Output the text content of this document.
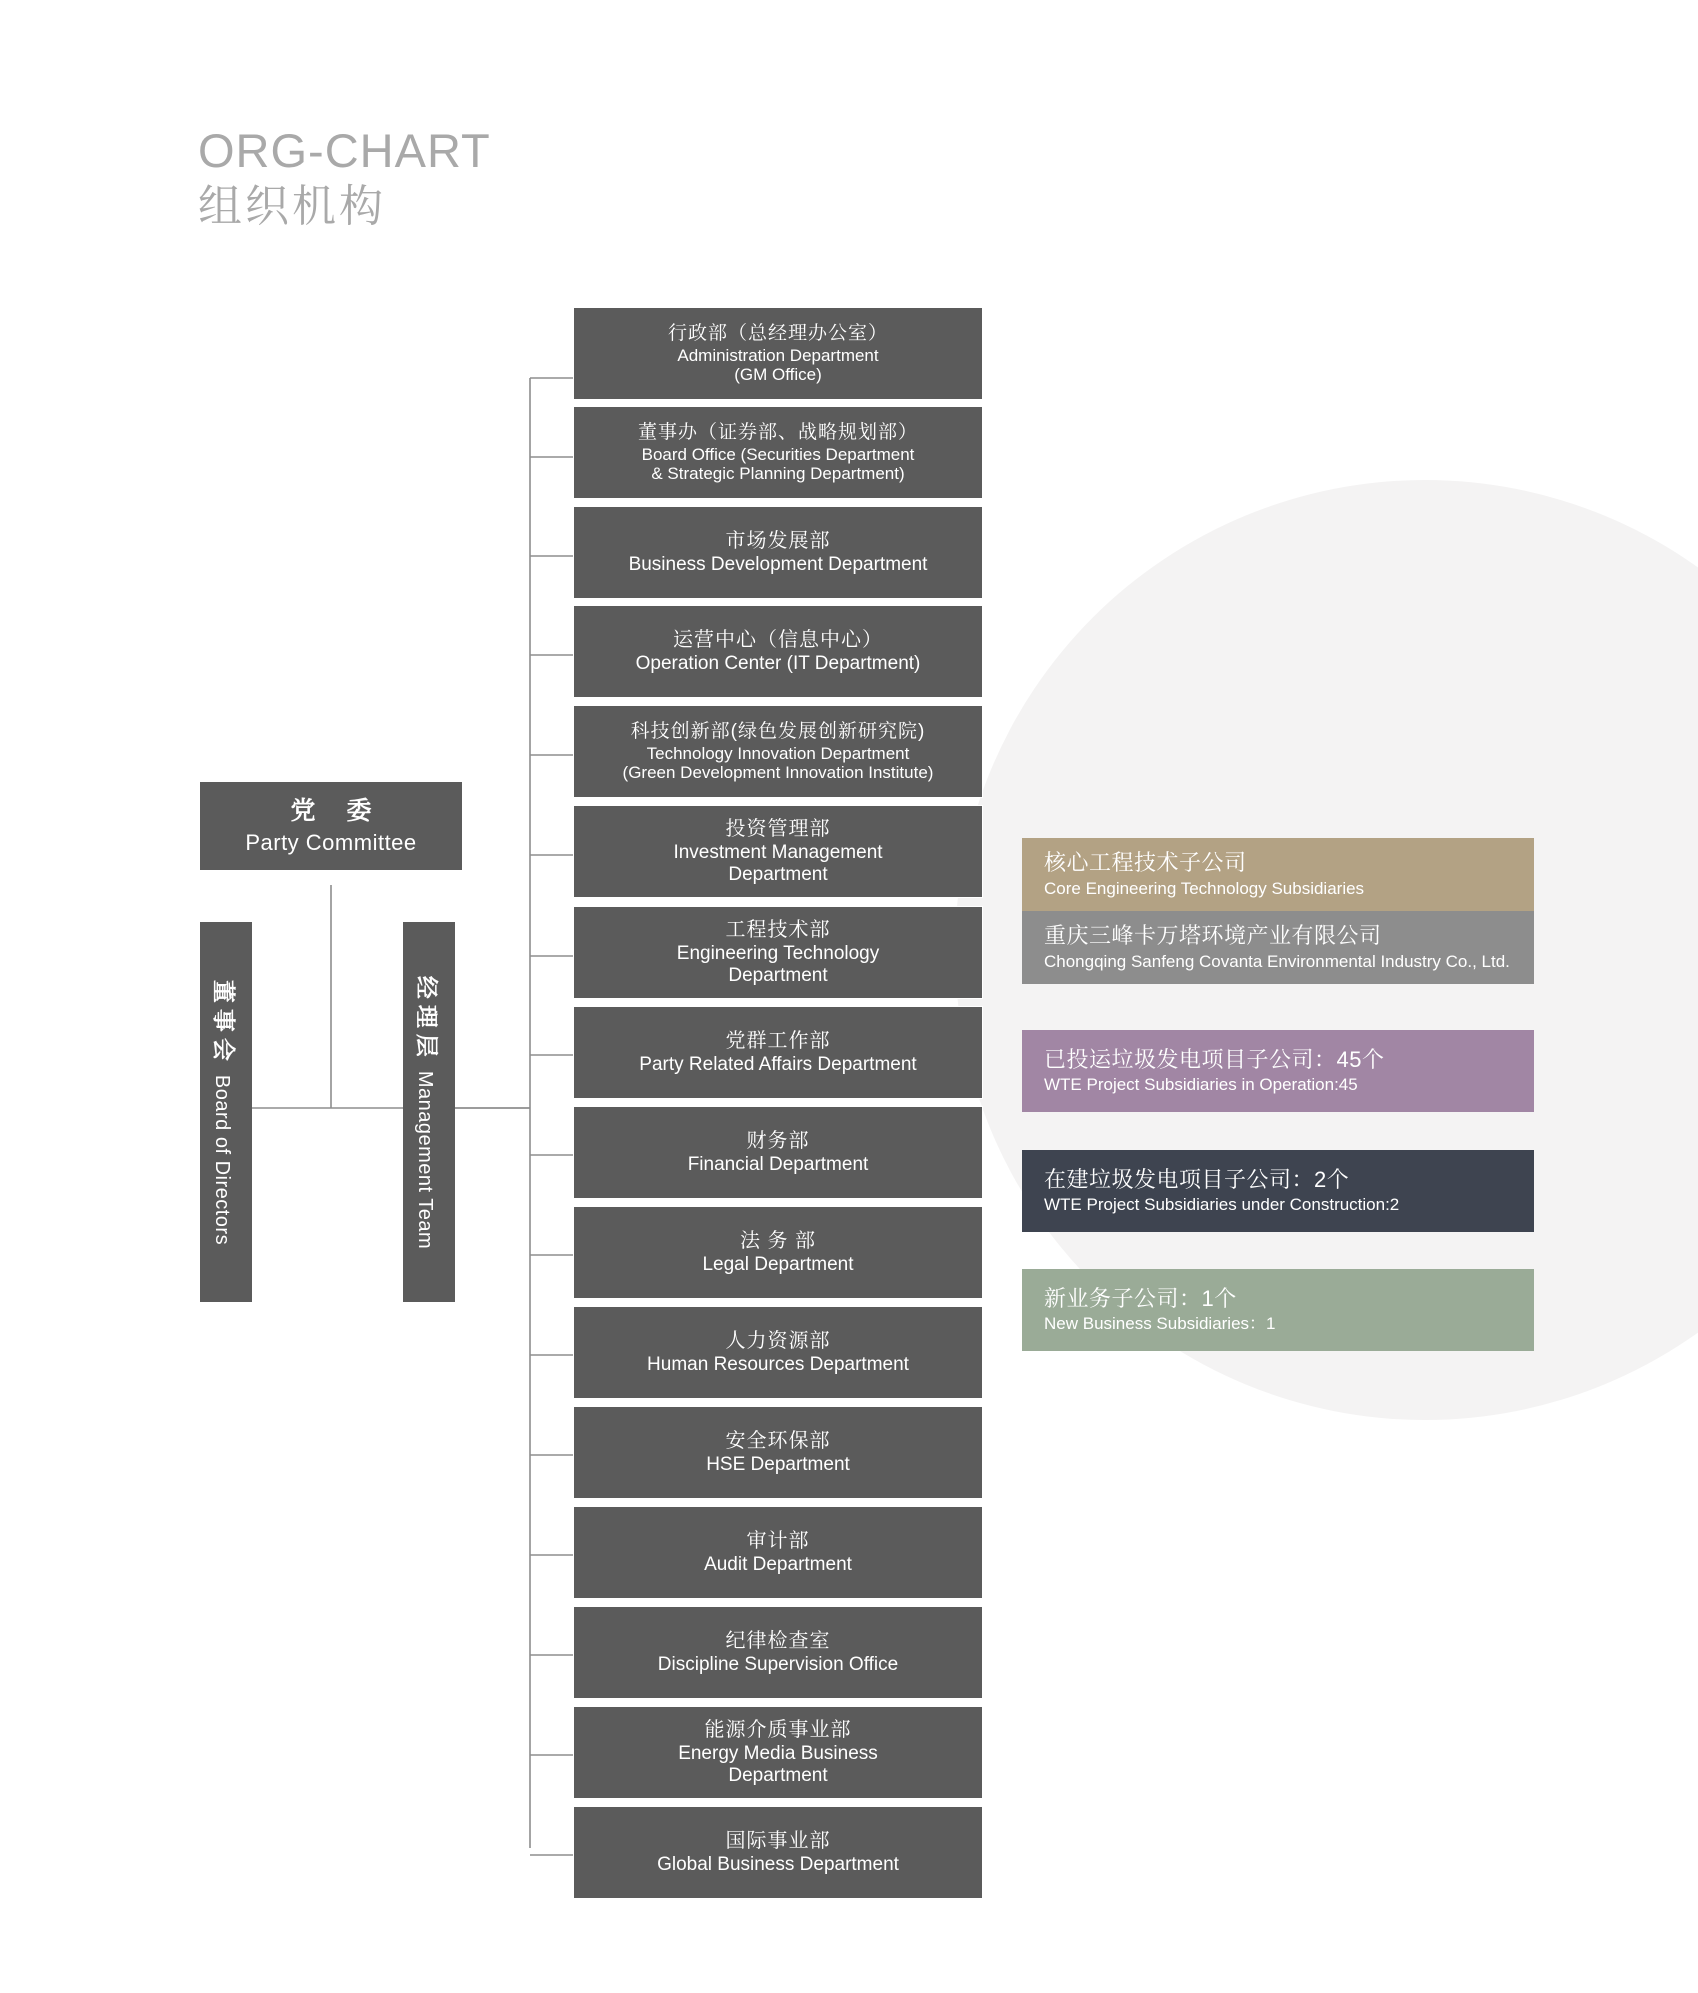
ORG-CHART
组织机构
党 委
Party Committee
董事会
Board of Directors
经理层
Management Team
行政部（总经理办公室）
Administration Department
(GM Office)
董事办（证券部、战略规划部）
Board Office (Securities Department
& Strategic Planning Department)
市场发展部
Business Development Department
运营中心（信息中心）
Operation Center (IT Department)
科技创新部(绿色发展创新研究院)
Technology Innovation Department
(Green Development Innovation Institute)
投资管理部
Investment Management
Department
工程技术部
Engineering Technology
Department
党群工作部
Party Related Affairs Department
财务部
Financial Department
法 务 部
Legal Department
人力资源部
Human Resources Department
安全环保部
HSE Department
审计部
Audit Department
纪律检查室
Discipline Supervision Office
能源介质事业部
Energy Media Business
Department
国际事业部
Global Business Department
核心工程技术子公司
Core Engineering Technology Subsidiaries
重庆三峰卡万塔环境产业有限公司
Chongqing Sanfeng Covanta Environmental Industry Co., Ltd.
已投运垃圾发电项目子公司：45个
WTE Project Subsidiaries in Operation:45
在建垃圾发电项目子公司：2个
WTE Project Subsidiaries under Construction:2
新业务子公司：1个
New Business Subsidiaries：1
